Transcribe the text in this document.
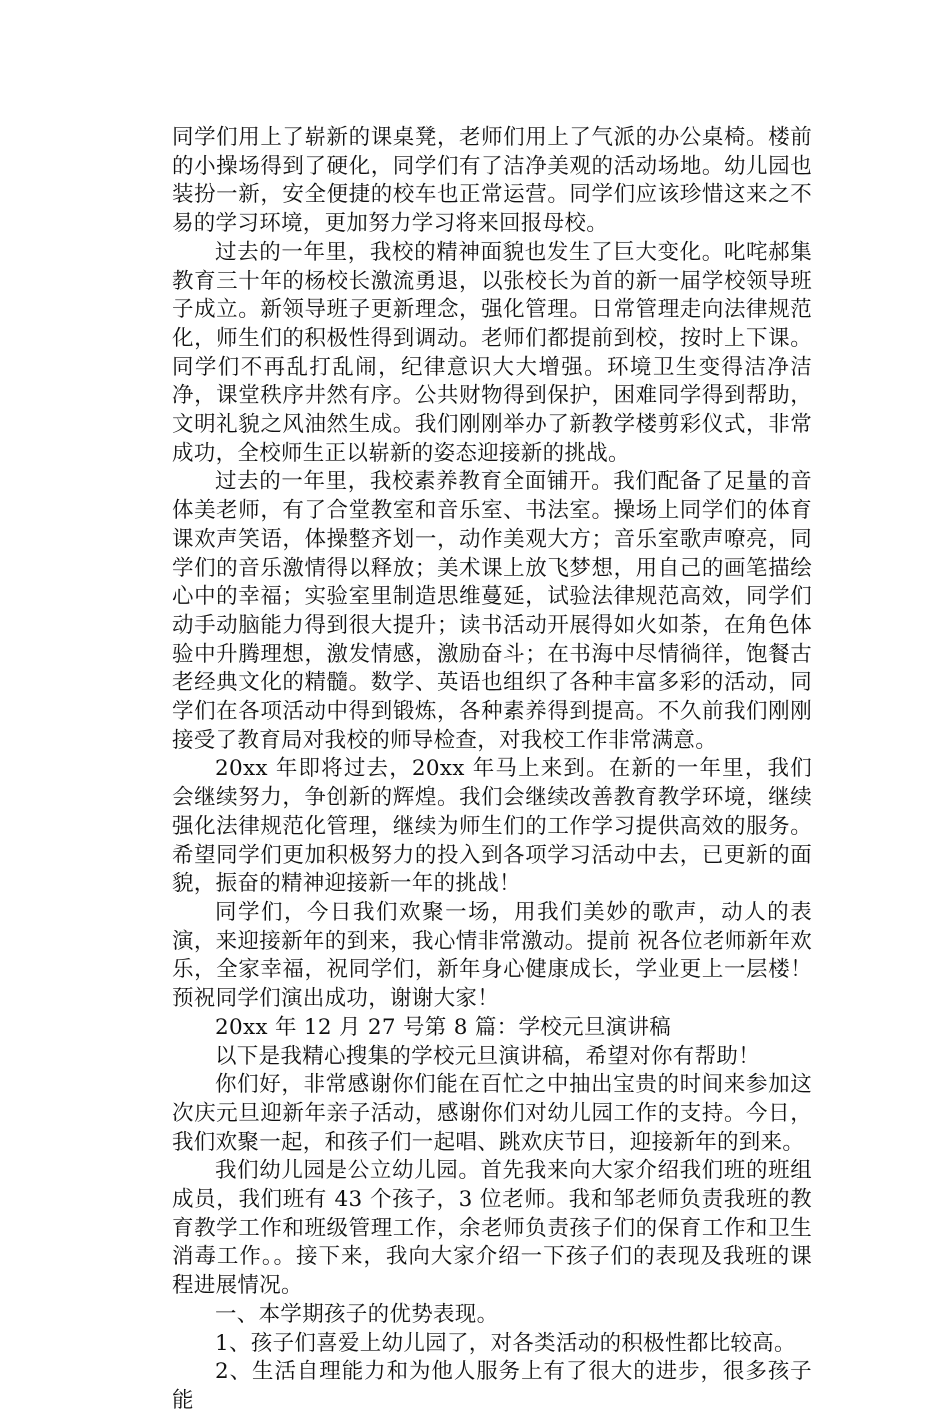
同学们用上了崭新的课桌凳，老师们用上了气派的办公桌椅。楼前的小操场得到了硬化，同学们有了洁净美观的活动场地。幼儿园也装扮一新，安全便捷的校车也正常运营。同学们应该珍惜这来之不易的学习环境，更加努力学习将来回报母校。

过去的一年里，我校的精神面貌也发生了巨大变化。叱咤郝集教育三十年的杨校长激流勇退，以张校长为首的新一届学校领导班子成立。新领导班子更新理念，强化管理。日常管理走向法律规范化，师生们的积极性得到调动。老师们都提前到校，按时上下课。同学们不再乱打乱闹，纪律意识大大增强。环境卫生变得洁净洁净，课堂秩序井然有序。公共财物得到保护，困难同学得到帮助，文明礼貌之风油然生成。我们刚刚举办了新教学楼剪彩仪式，非常成功，全校师生正以崭新的姿态迎接新的挑战。

过去的一年里，我校素养教育全面铺开。我们配备了足量的音体美老师，有了合堂教室和音乐室、书法室。操场上同学们的体育课欢声笑语，体操整齐划一，动作美观大方；音乐室歌声嘹亮，同学们的音乐激情得以释放；美术课上放飞梦想，用自己的画笔描绘心中的幸福；实验室里制造思维蔓延，试验法律规范高效，同学们动手动脑能力得到很大提升；读书活动开展得如火如荼，在角色体验中升腾理想，激发情感，激励奋斗；在书海中尽情徜徉，饱餐古老经典文化的精髓。数学、英语也组织了各种丰富多彩的活动，同学们在各项活动中得到锻炼，各种素养得到提高。不久前我们刚刚接受了教育局对我校的师导检查，对我校工作非常满意。

20xx 年即将过去，20xx 年马上来到。在新的一年里，我们会继续努力，争创新的辉煌。我们会继续改善教育教学环境，继续强化法律规范化管理，继续为师生们的工作学习提供高效的服务。希望同学们更加积极努力的投入到各项学习活动中去，已更新的面貌，振奋的精神迎接新一年的挑战！

同学们，今日我们欢聚一场，用我们美妙的歌声，动人的表演，来迎接新年的到来，我心情非常激动。提前 祝各位老师新年欢乐，全家幸福，祝同学们，新年身心健康成长，学业更上一层楼！预祝同学们演出成功，谢谢大家！

20xx 年 12 月 27 号第 8 篇：学校元旦演讲稿

以下是我精心搜集的学校元旦演讲稿，希望对你有帮助！

你们好，非常感谢你们能在百忙之中抽出宝贵的时间来参加这次庆元旦迎新年亲子活动，感谢你们对幼儿园工作的支持。今日，我们欢聚一起，和孩子们一起唱、跳欢庆节日，迎接新年的到来。

我们幼儿园是公立幼儿园。首先我来向大家介绍我们班的班组成员，我们班有 43 个孩子，3 位老师。我和邹老师负责我班的教育教学工作和班级管理工作，余老师负责孩子们的保育工作和卫生消毒工作。。接下来，我向大家介绍一下孩子们的表现及我班的课程进展情况。

一、本学期孩子的优势表现。

1、孩子们喜爱上幼儿园了，对各类活动的积极性都比较高。

2、生活自理能力和为他人服务上有了很大的进步，很多孩子能
